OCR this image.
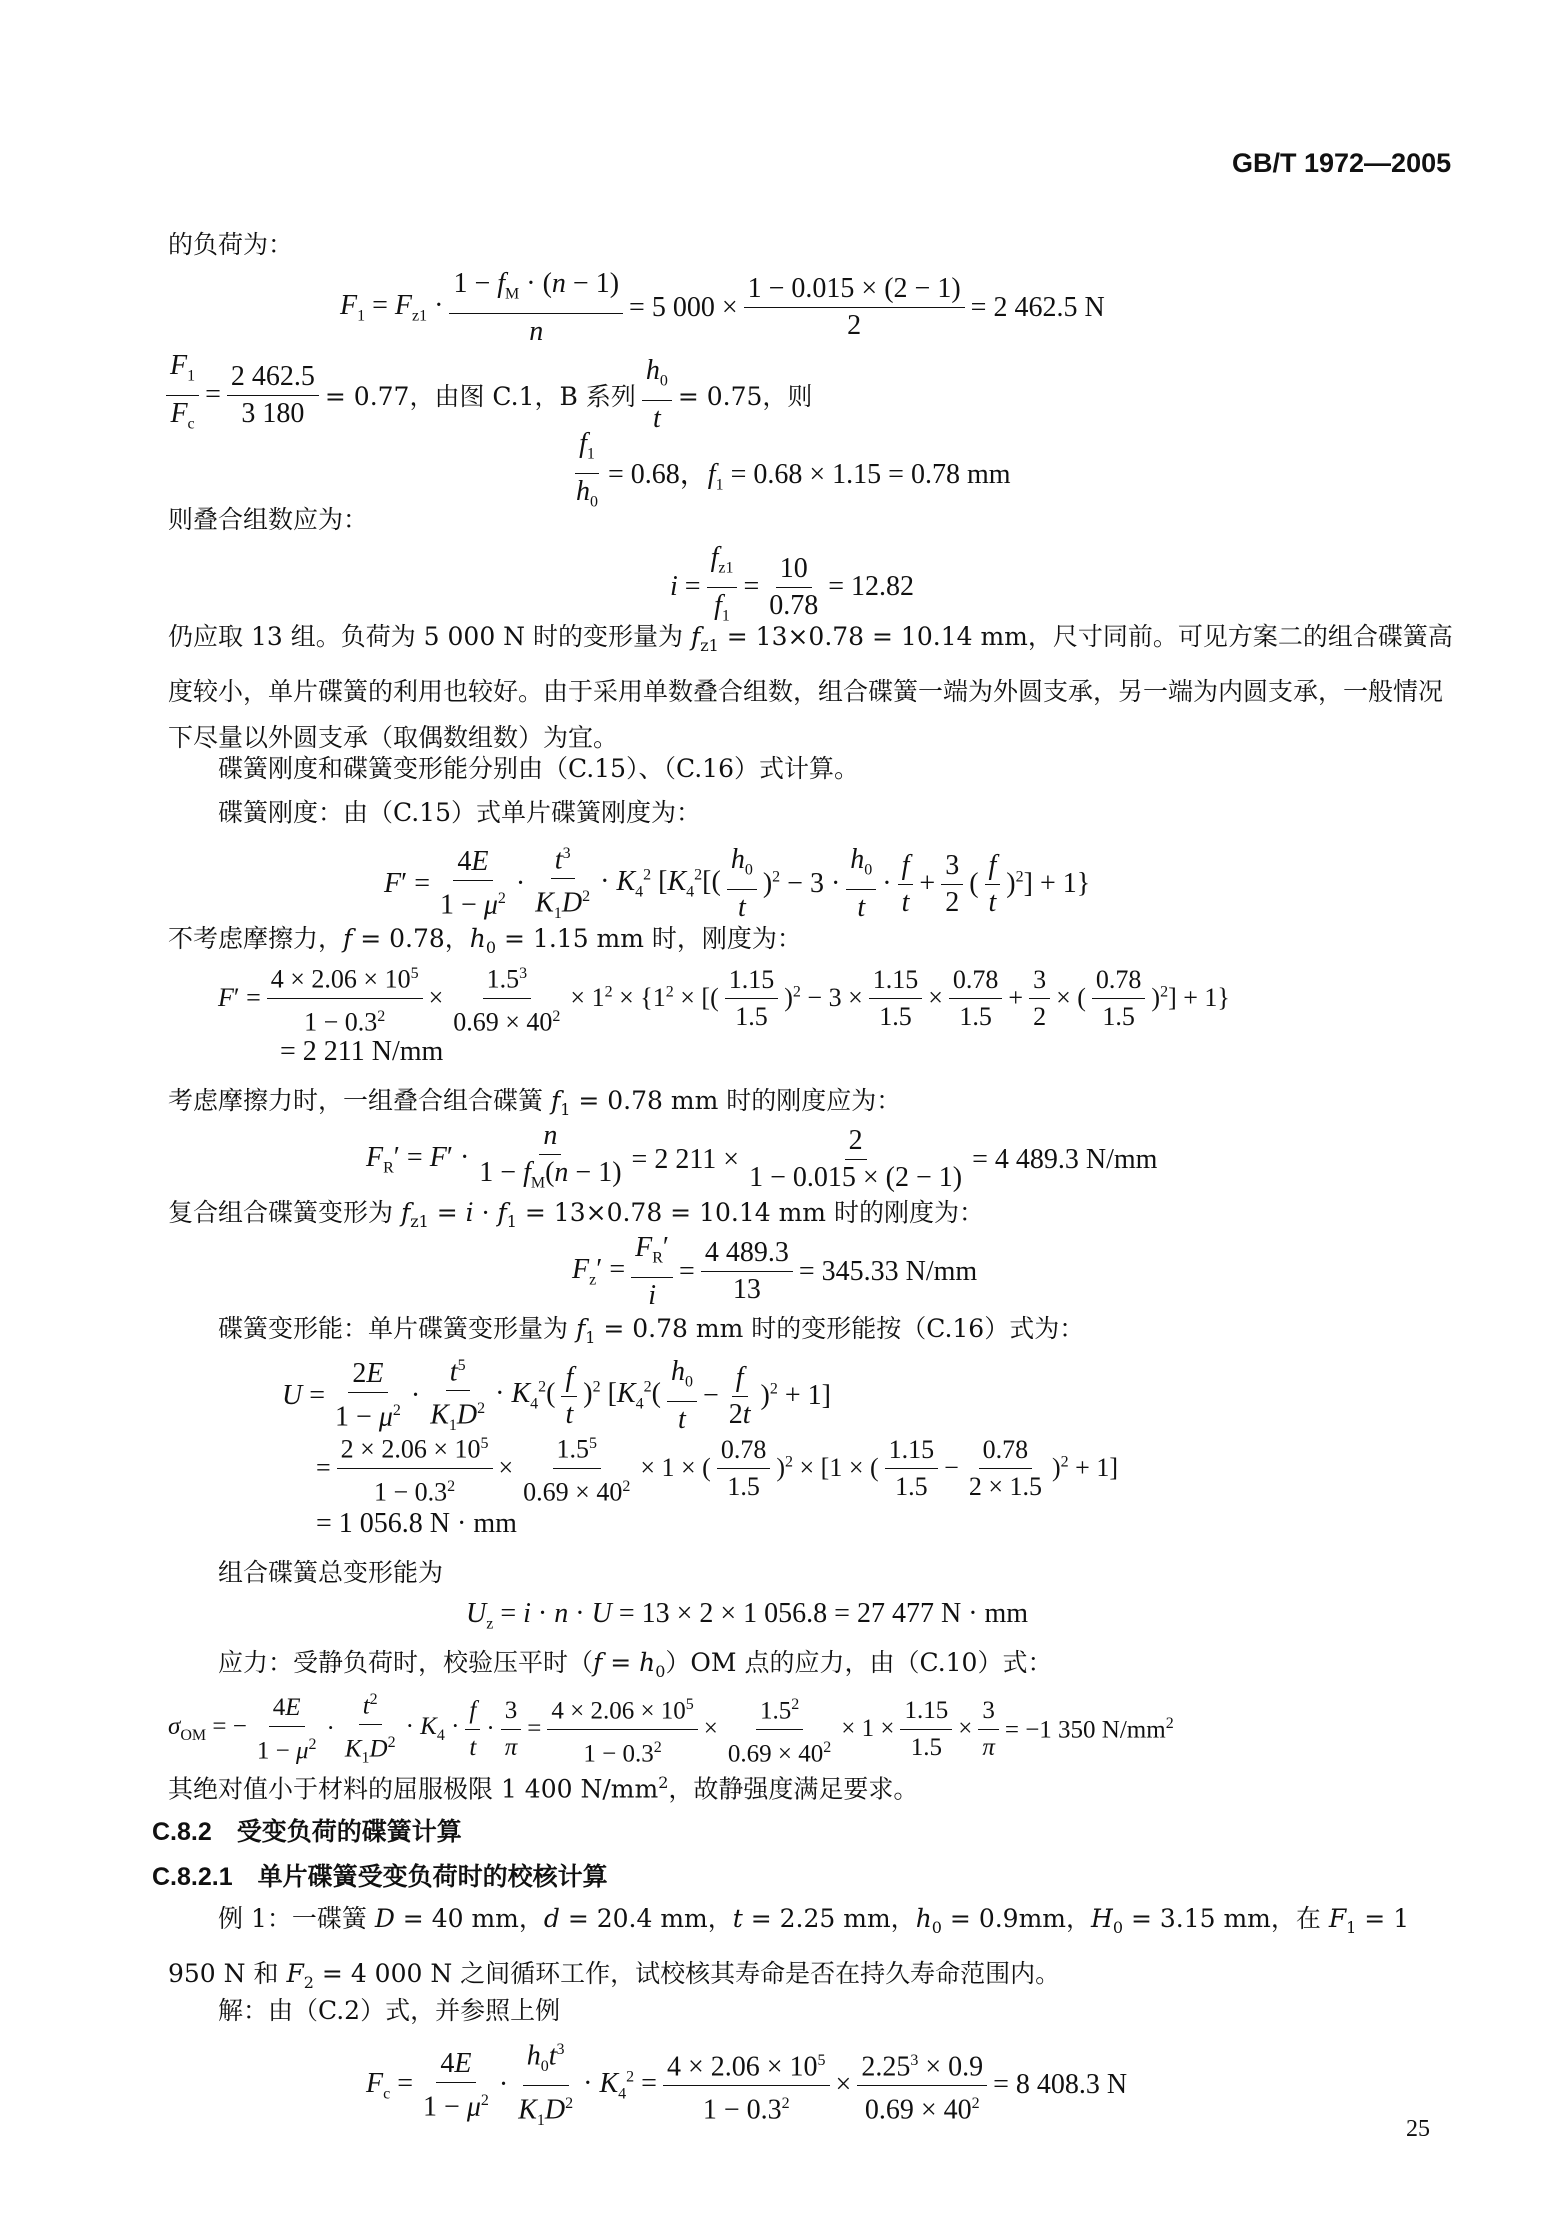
GB/T 1972—2005
的负荷为：
$F_1 = F_{z1} \cdot \frac{1 - f_M \cdot (n - 1)}{n} = 5$ $000 \times \frac{1 - 0.015 \times (2 - 1)}{2} = 2$ 462.5 N
$\frac{F_1}{F_c} = \frac{2 462.5}{3 180} = 0.77$，由图 C.1，B 系列 $\frac{h_0}{t} = 0.75$，则
$\frac{f_1}{h_0} = 0.68$，$f_1 = 0.68 \times 1.15 = 0.78$ mm
则叠合组数应为：
$i = \frac{f_{z1}}{f_1} = \frac{10}{0.78} = 12.82$
仍应取 13 组。负荷为 5 000 N 时的变形量为 $f_{z1} = 13\times 0.78 = 10.14$ mm，尺寸同前。可见方案二的组合碟簧高度较小，单片碟簧的利用也较好。由于采用单数叠合组数，组合碟簧一端为外圆支承，另一端为内圆支承，一般情况下尽量以外圆支承（取偶数组数）为宜。
碟簧刚度和碟簧变形能分别由（C.15）、（C.16）式计算。
碟簧刚度：由（C.15）式单片碟簧刚度为：
$F' = \frac{4E}{1 - \mu^2} \cdot \frac{t^3}{K_1D^2} \cdot K_4^2$ [$K_4^2[( \frac{h_0}{t} )^2 - 3 \cdot \frac{h_0}{t} \cdot \frac{f}{t} + \frac{3}{2}$ ( $\frac{f}{t} )^2] + 1$}
不考虑摩擦力，f = 0.78，$h_0 = 1.15$ mm 时，刚度为：
$F' = \frac{4 \times 2.06 \times 10^5}{1 - 0.3^2} \times \frac{1.5^3}{0.69 \times 40^2} \times 1^2 \times \{1^2$ × [( $\frac{1.15}{1.5} )^2 - 3 \times \frac{1.15}{1.5} \times \frac{0.78}{1.5} + \frac{3}{2}$ × ( $\frac{0.78}{1.5} )^2] + 1$}
= 2 211 N/mm
考虑摩擦力时，一组叠合组合碟簧 $f_1 = 0.78$ mm 时的刚度应为：
$F_R' = F' \cdot \frac{n}{1 - f_M(n - 1)} = 2$ $211 \times \frac{2}{1 - 0.015 \times (2 - 1)} = 4$ 489.3 N/mm
复合组合碟簧变形为 $f_{z1} = i \cdot f_1 = 13\times 0.78 = 10.14$ mm 时的刚度为：
$F_z' = \frac{F_R'}{i} = \frac{4 489.3}{13} = 345.33$ N/mm
碟簧变形能：单片碟簧变形量为 $f_1 = 0.78$ mm 时的变形能按（C.16）式为：
$U = \frac{2E}{1 - \mu^2} \cdot \frac{t^5}{K_1D^2} \cdot K_4^2( \frac{f}{t} )^2$ $[K_4^2( \frac{h_0}{t} - \frac{f}{2t} )^2 + 1]$
= $\frac{2 \times 2.06 \times 10^5}{1 - 0.3^2} \times \frac{1.5^5}{0.69 \times 40^2} \times 1$ × ( $\frac{0.78}{1.5} )^2 \times [1$ × ( $\frac{1.15}{1.5} - \frac{0.78}{2 \times 1.5} )^2 + 1$]
= 1 056.8 N · mm
组合碟簧总变形能为
$U_z = i \cdot n \cdot U = 13 \times 2 \times 1$ 056.8 = 27 477 N · mm
应力：受静负荷时，校验压平时$(f = h_0)OM$ 点的应力，由（C.10）式：
$\sigma_{OM}$ = − $\frac{4E}{1 - \mu^2} \cdot \frac{t^2}{K_1D^2} \cdot K_4 \cdot \frac{f}{t} \cdot \frac{3}{\pi} = \frac{4 \times 2.06 \times 10^5}{1 - 0.3^2} \times \frac{1.5^2}{0.69 \times 40^2} \times 1 \times \frac{1.15}{1.5} \times \frac{3}{\pi} = -1$ 350 $N/mm^2$
其绝对值小于材料的屈服极限 1 400 $N/mm^2$，故静强度满足要求。
C.8.2　受变负荷的碟簧计算
C.8.2.1　单片碟簧受变负荷时的校核计算
例 1：一碟簧 D = 40 mm，d = 20.4 mm，t = 2.25 mm，$h_0 = 0.9mm$，$H_0 = 3.15$ mm，在 $F_1 = 1$ 950 N 和 $F_2 = 4$ 000 N 之间循环工作，试校核其寿命是否在持久寿命范围内。
解：由（C.2）式，并参照上例
$F_c = \frac{4E}{1 - \mu^2} \cdot \frac{h_0t^3}{K_1D^2} \cdot K_4^2 = \frac{4 \times 2.06 \times 10^5}{1 - 0.3^2} \times \frac{2.25^3 \times 0.9}{0.69 \times 40^2} = 8$ 408.3 N
25
